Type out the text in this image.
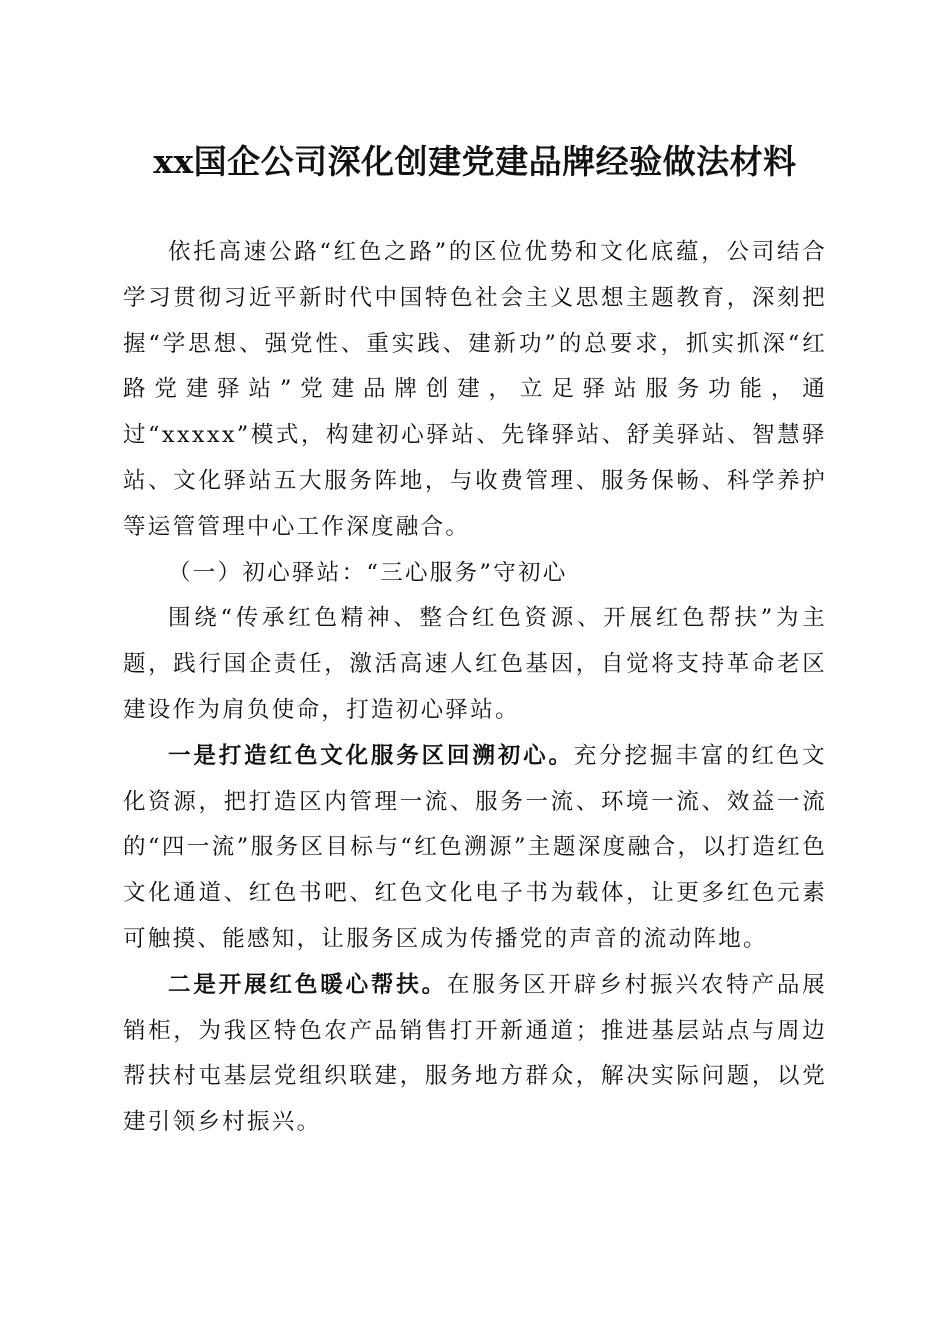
xx国企公司深化创建党建品牌经验做法材料

依托高速公路“红色之路”的区位优势和文化底蕴，公司结合学习贯彻习近平新时代中国特色社会主义思想主题教育，深刻把握“学思想、强党性、重实践、建新功”的总要求，抓实抓深“红路党建驿站”党建品牌创建，立足驿站服务功能，通过“xxxxx”模式，构建初心驿站、先锋驿站、舒美驿站、智慧驿站、文化驿站五大服务阵地，与收费管理、服务保畅、科学养护等运管管理中心工作深度融合。

（一）初心驿站：“三心服务”守初心

围绕“传承红色精神、整合红色资源、开展红色帮扶”为主题，践行国企责任，激活高速人红色基因，自觉将支持革命老区建设作为肩负使命，打造初心驿站。

一是打造红色文化服务区回溯初心。充分挖掘丰富的红色文化资源，把打造区内管理一流、服务一流、环境一流、效益一流的“四一流”服务区目标与“红色溯源”主题深度融合，以打造红色文化通道、红色书吧、红色文化电子书为载体，让更多红色元素可触摸、能感知，让服务区成为传播党的声音的流动阵地。

二是开展红色暖心帮扶。在服务区开辟乡村振兴农特产品展销柜，为我区特色农产品销售打开新通道；推进基层站点与周边帮扶村屯基层党组织联建，服务地方群众，解决实际问题，以党建引领乡村振兴。
